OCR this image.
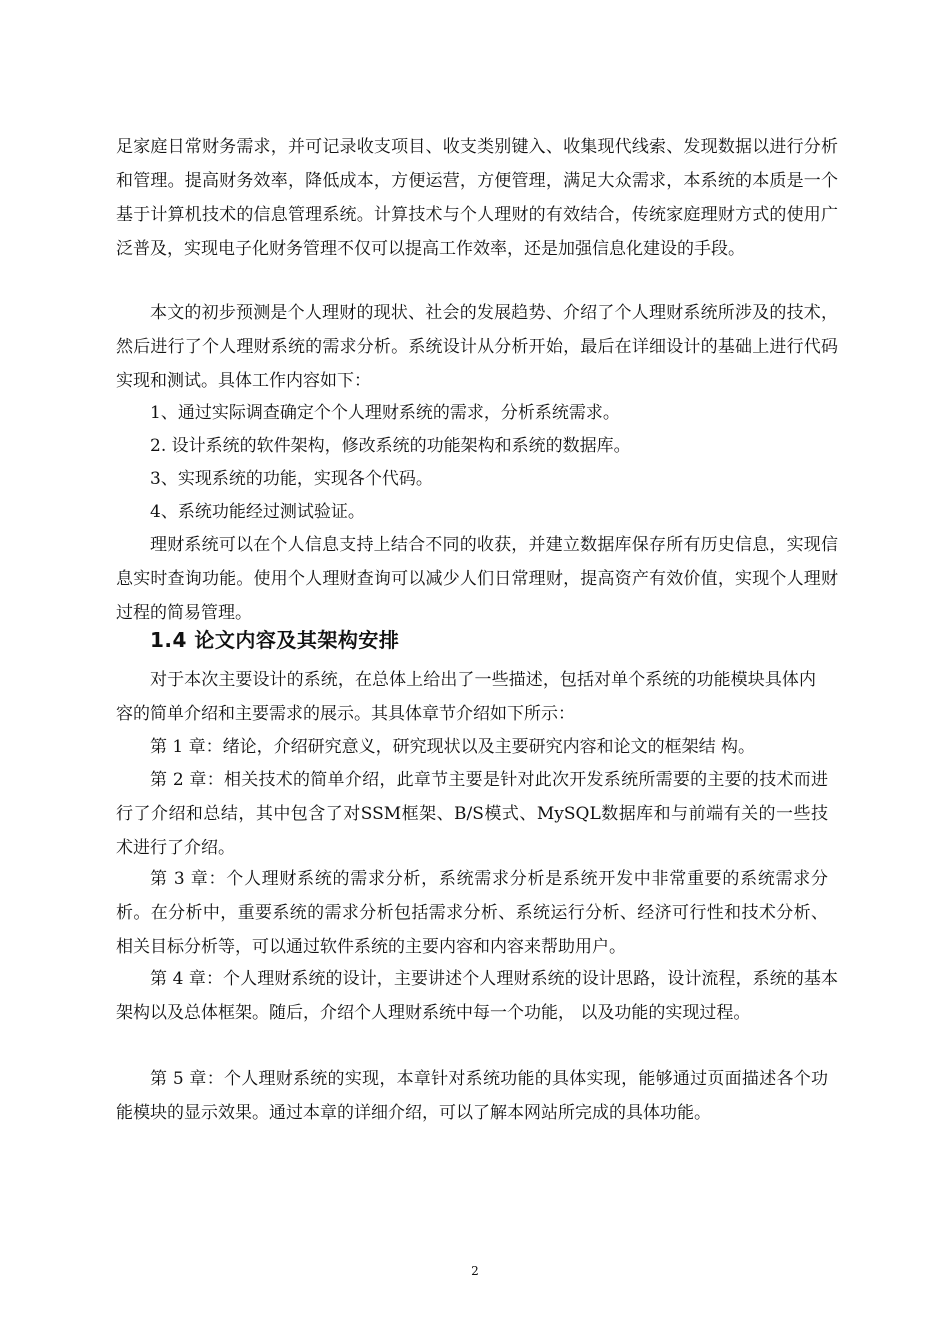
足家庭日常财务需求，并可记录收支项目、收支类别键入、收集现代线索、发现数据以进行分析和管理。提高财务效率，降低成本，方便运营，方便管理，满足大众需求，本系统的本质是一个基于计算机技术的信息管理系统。计算技术与个人理财的有效结合，传统家庭理财方式的使用广泛普及，实现电子化财务管理不仅可以提高工作效率，还是加强信息化建设的手段。

本文的初步预测是个人理财的现状、社会的发展趋势、介绍了个人理财系统所涉及的技术，然后进行了个人理财系统的需求分析。系统设计从分析开始，最后在详细设计的基础上进行代码实现和测试。具体工作内容如下：

1、通过实际调查确定个个人理财系统的需求，分析系统需求。

2. 设计系统的软件架构，修改系统的功能架构和系统的数据库。

3、实现系统的功能，实现各个代码。

4、系统功能经过测试验证。

理财系统可以在个人信息支持上结合不同的收获，并建立数据库保存所有历史信息，实现信息实时查询功能。使用个人理财查询可以减少人们日常理财，提高资产有效价值，实现个人理财过程的简易管理。

1.4 论文内容及其架构安排

对于本次主要设计的系统，在总体上给出了一些描述，包括对单个系统的功能模块具体内容的简单介绍和主要需求的展示。其具体章节介绍如下所示：

第 1 章：绪论，介绍研究意义，研究现状以及主要研究内容和论文的框架结 构。

第 2 章：相关技术的简单介绍，此章节主要是针对此次开发系统所需要的主要的技术而进行了介绍和总结，其中包含了对SSM框架、B/S模式、MySQL数据库和与前端有关的一些技术进行了介绍。

第 3 章：个人理财系统的需求分析，系统需求分析是系统开发中非常重要的系统需求分析。在分析中，重要系统的需求分析包括需求分析、系统运行分析、经济可行性和技术分析、相关目标分析等，可以通过软件系统的主要内容和内容来帮助用户。

第 4 章：个人理财系统的设计，主要讲述个人理财系统的设计思路，设计流程，系统的基本架构以及总体框架。随后，介绍个人理财系统中每一个功能， 以及功能的实现过程。

第 5 章：个人理财系统的实现，本章针对系统功能的具体实现，能够通过页面描述各个功能模块的显示效果。通过本章的详细介绍，可以了解本网站所完成的具体功能。

2
